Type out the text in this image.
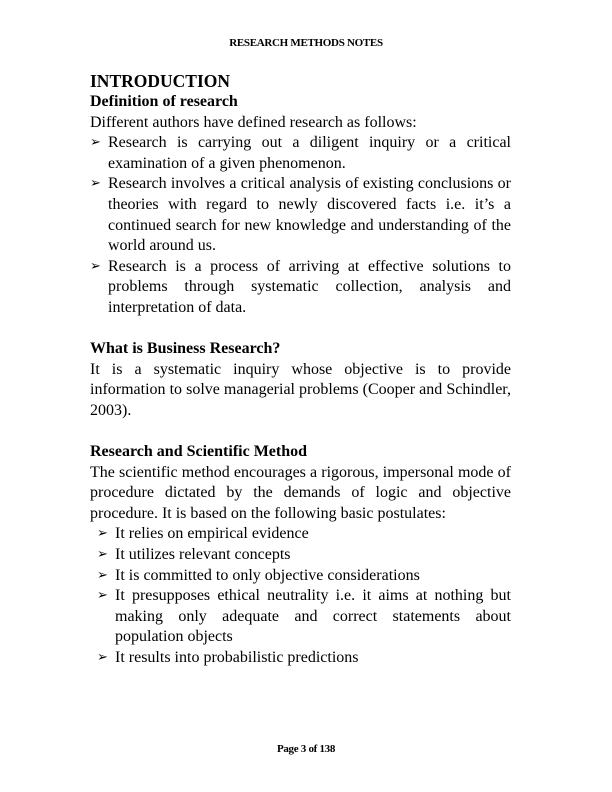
RESEARCH METHODS NOTES
INTRODUCTION
Definition of research

Different authors have defined research as follows:

➢ Research is carrying out a diligent inquiry or a critical examination of a given phenomenon.
➢ Research involves a critical analysis of existing conclusions or theories with regard to newly discovered facts i.e. it’s a continued search for new knowledge and understanding of the world around us.
➢ Research is a process of arriving at effective solutions to problems through systematic collection, analysis and interpretation of data.
What is Business Research?

It is a systematic inquiry whose objective is to provide information to solve managerial problems (Cooper and Schindler, 2003).

Research and Scientific Method

The scientific method encourages a rigorous, impersonal mode of procedure dictated by the demands of logic and objective procedure. It is based on the following basic postulates:

➢ It relies on empirical evidence
➢ It utilizes relevant concepts
➢ It is committed to only objective considerations
➢ It presupposes ethical neutrality i.e. it aims at nothing but making only adequate and correct statements about population objects
➢ It results into probabilistic predictions
Page 3 of 138
